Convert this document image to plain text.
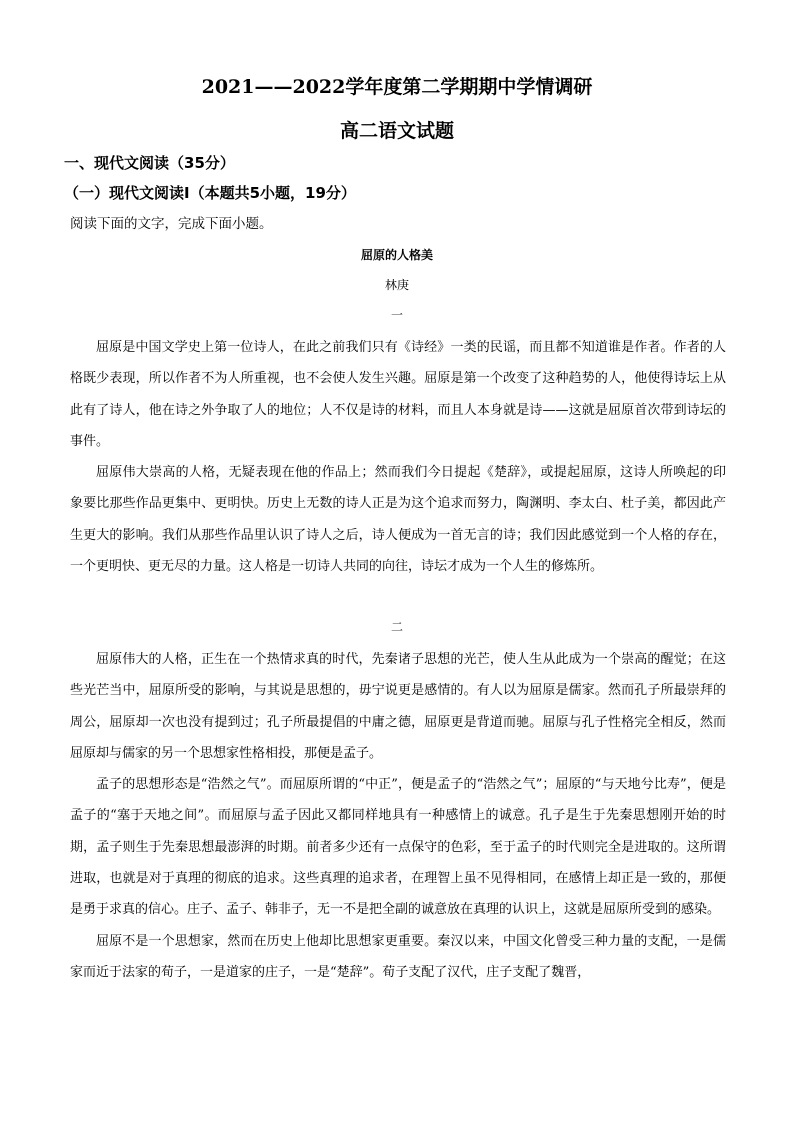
2021——2022学年度第二学期期中学情调研
高二语文试题
一、现代文阅读（35分）
（一）现代文阅读Ⅰ（本题共5小题，19分）
阅读下面的文字，完成下面小题。
屈原的人格美
林庚
一

屈原是中国文学史上第一位诗人，在此之前我们只有《诗经》一类的民谣，而且都不知道谁是作者。作者的人格既少表现，所以作者不为人所重视，也不会使人发生兴趣。屈原是第一个改变了这种趋势的人，他使得诗坛上从此有了诗人，他在诗之外争取了人的地位；人不仅是诗的材料，而且人本身就是诗——这就是屈原首次带到诗坛的事件。

屈原伟大崇高的人格，无疑表现在他的作品上；然而我们今日提起《楚辞》，或提起屈原，这诗人所唤起的印象要比那些作品更集中、更明快。历史上无数的诗人正是为这个追求而努力，陶渊明、李太白、杜子美，都因此产生更大的影响。我们从那些作品里认识了诗人之后，诗人便成为一首无言的诗；我们因此感觉到一个人格的存在，一个更明快、更无尽的力量。这人格是一切诗人共同的向往，诗坛才成为一个人生的修炼所。

二

屈原伟大的人格，正生在一个热情求真的时代，先秦诸子思想的光芒，使人生从此成为一个崇高的醒觉；在这些光芒当中，屈原所受的影响，与其说是思想的，毋宁说更是感情的。有人以为屈原是儒家。然而孔子所最崇拜的周公，屈原却一次也没有提到过；孔子所最提倡的中庸之德，屈原更是背道而驰。屈原与孔子性格完全相反，然而屈原却与儒家的另一个思想家性格相投，那便是孟子。

孟子的思想形态是“浩然之气”。而屈原所谓的“中正”，便是孟子的“浩然之气”；屈原的“与天地兮比寿”，便是孟子的“塞于天地之间”。而屈原与孟子因此又都同样地具有一种感情上的诚意。孔子是生于先秦思想刚开始的时期，孟子则生于先秦思想最澎湃的时期。前者多少还有一点保守的色彩，至于孟子的时代则完全是进取的。这所谓进取，也就是对于真理的彻底的追求。这些真理的追求者，在理智上虽不见得相同，在感情上却正是一致的，那便是勇于求真的信心。庄子、孟子、韩非子，无一不是把全副的诚意放在真理的认识上，这就是屈原所受到的感染。

屈原不是一个思想家，然而在历史上他却比思想家更重要。秦汉以来，中国文化曾受三种力量的支配，一是儒家而近于法家的荀子，一是道家的庄子，一是“楚辞”。荀子支配了汉代，庄子支配了魏晋，
